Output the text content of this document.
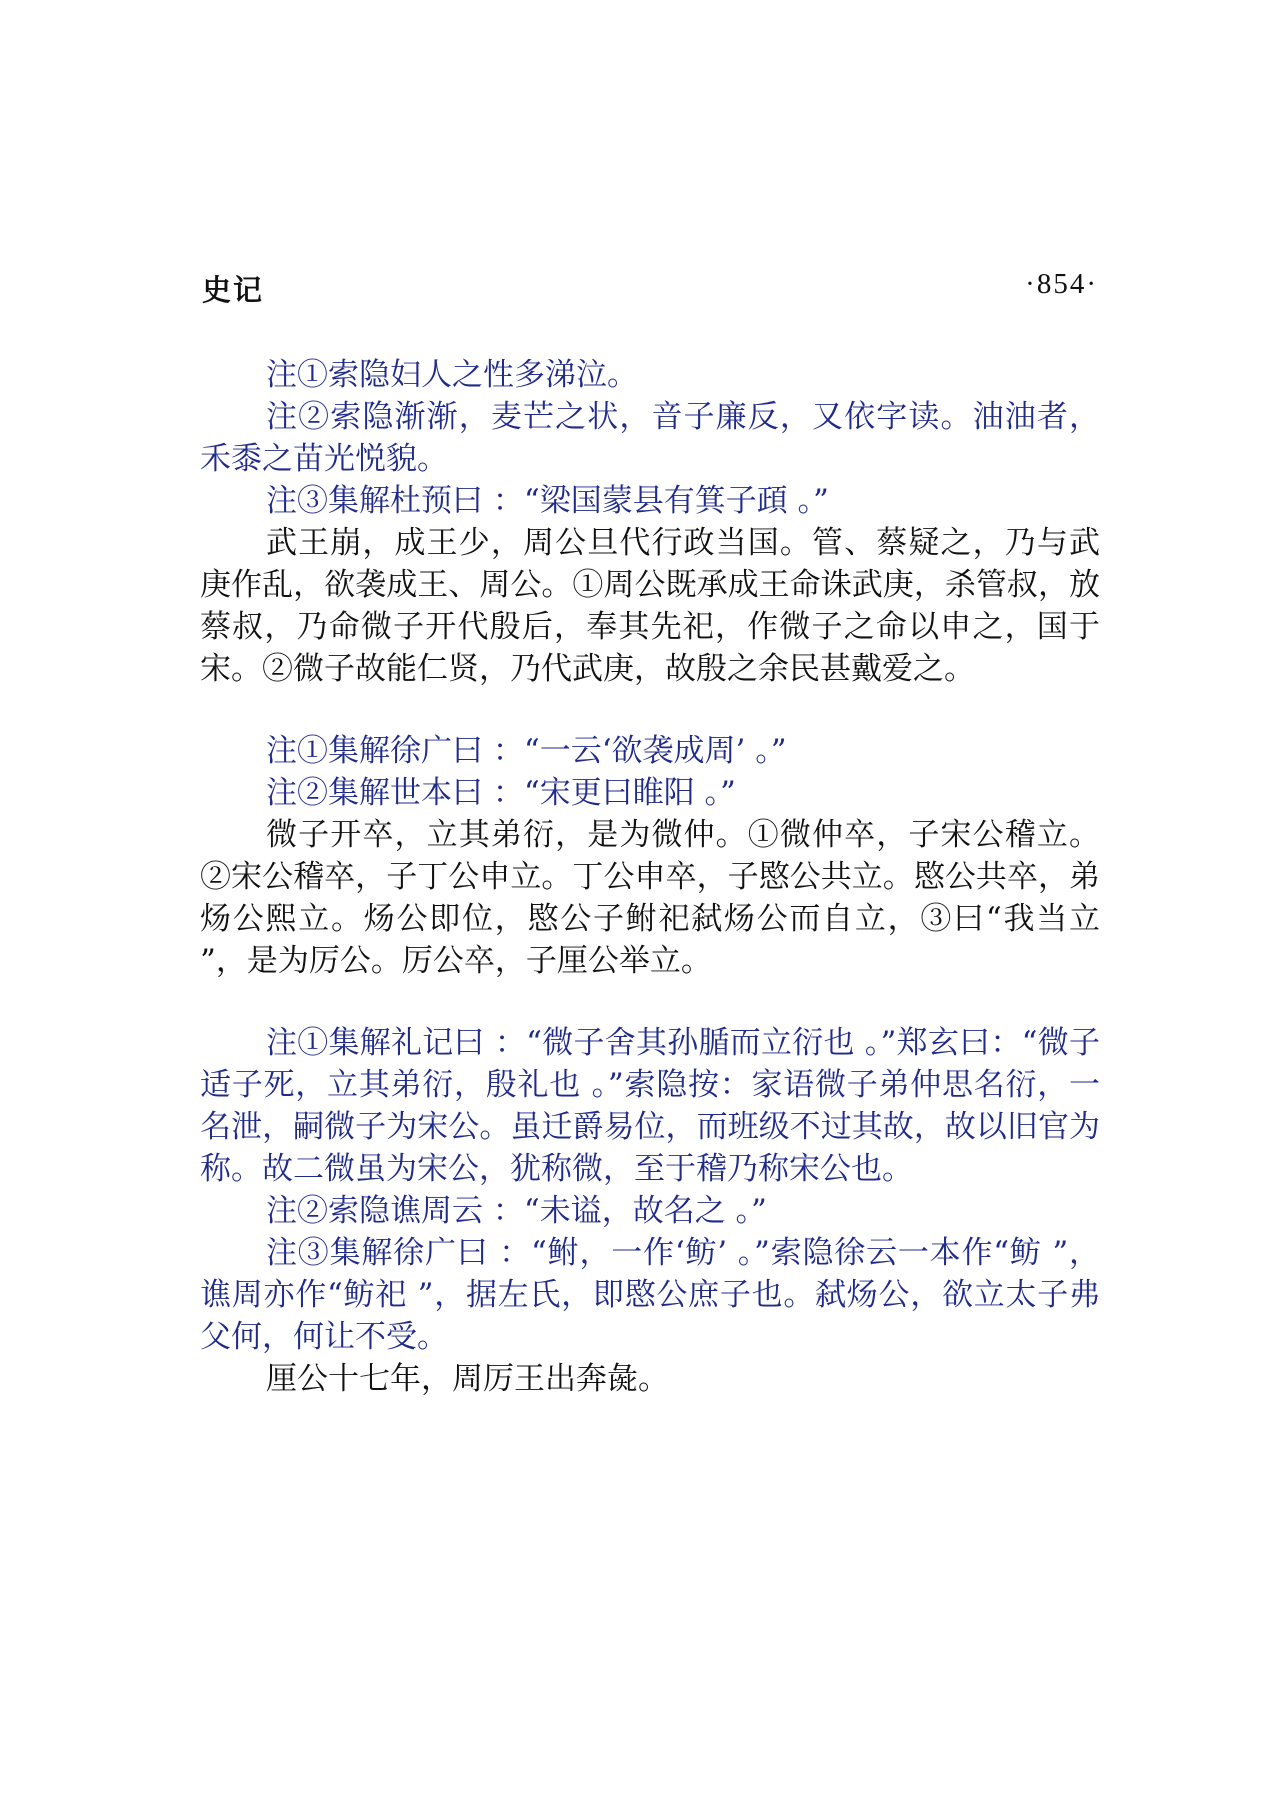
史记	·854·

注①索隐妇人之性多涕泣。

注②索隐渐渐，麦芒之状，音子廉反，又依字读。油油者，禾黍之苗光悦貌。

注③集解杜预曰 ：“梁国蒙县有箕子頙 。”

武王崩，成王少，周公旦代行政当国。管、蔡疑之，乃与武庚作乱，欲袭成王、周公。①周公既承成王命诛武庚，杀管叔，放蔡叔，乃命微子开代殷后，奉其先祀，作微子之命以申之，国于宋。②微子故能仁贤，乃代武庚，故殷之余民甚戴爱之。

注①集解徐广曰 ：“一云‘欲袭成周’ 。”

注②集解世本曰 ：“宋更曰睢阳 。”

微子开卒，立其弟衍，是为微仲。①微仲卒，子宋公稽立。②宋公稽卒，子丁公申立。丁公申卒，子愍公共立。愍公共卒，弟炀公熙立。炀公即位，愍公子鲋祀弑炀公而自立，③曰“我当立 ”，是为厉公。厉公卒，子厘公举立。

注①集解礼记曰 ：“微子舍其孙腯而立衍也 。”郑玄曰：“微子适子死，立其弟衍，殷礼也 。”索隐按：家语微子弟仲思名衍，一名泄，嗣微子为宋公。虽迁爵易位，而班级不过其故，故以旧官为称。故二微虽为宋公，犹称微，至于稽乃称宋公也。

注②索隐谯周云 ：“未谥，故名之 。”

注③集解徐广曰 ：“鲋，一作‘鲂’ 。”索隐徐云一本作“鲂 ”，谯周亦作“鲂祀 ”，据左氏，即愍公庶子也。弑炀公，欲立太子弗父何，何让不受。

厘公十七年，周厉王出奔彘。
